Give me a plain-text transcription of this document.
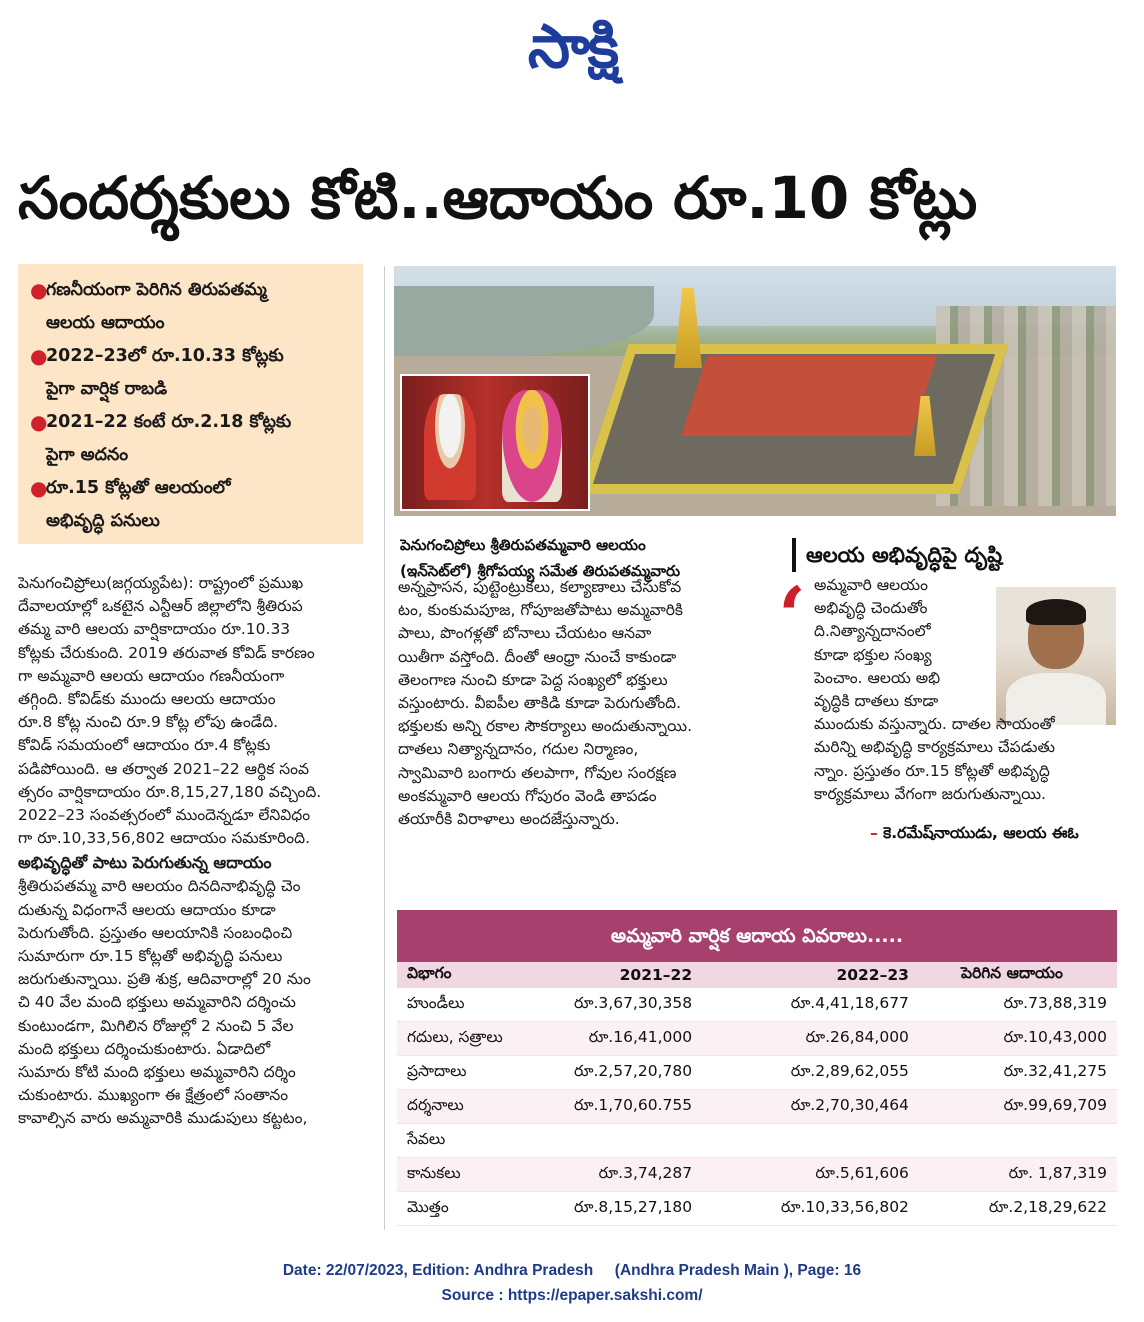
సాక్షి
సందర్శకులు కోటి..ఆదాయం రూ.10 కోట్లు
●
గణనీయంగా పెరిగిన తిరుపతమ్మ
ఆలయ ఆదాయం
●
2022–23లో రూ.10.33 కోట్లకు
పైగా వార్షిక రాబడి
●
2021–22 కంటే రూ.2.18 కోట్లకు
పైగా అదనం
●
రూ.15 కోట్లతో ఆలయంలో
అభివృద్ధి పనులు
పెనుగంచిప్రోలు శ్రీతిరుపతమ్మవారి ఆలయం
(ఇన్‌సెట్‌లో) శ్రీగోపయ్య సమేత తిరుపతమ్మవారు
పెనుగంచిప్రోలు(జగ్గయ్యపేట): రాష్ట్రంలో ప్రముఖ
దేవాలయాల్లో ఒకటైన ఎన్టీఆర్‌ జిల్లాలోని శ్రీతిరుప
తమ్మ వారి ఆలయ వార్షికాదాయం రూ.10.33
కోట్లకు చేరుకుంది. 2019 తరువాత కోవిడ్‌ కారణం
గా అమ్మవారి ఆలయ ఆదాయం గణనీయంగా
తగ్గింది. కోవిడ్‌కు ముందు ఆలయ ఆదాయం
రూ.8 కోట్ల నుంచి రూ.9 కోట్ల లోపు ఉండేది.
కోవిడ్‌ సమయంలో ఆదాయం రూ.4 కోట్లకు
పడిపోయింది. ఆ తర్వాత 2021–22 ఆర్థిక సంవ
త్సరం వార్షికాదాయం రూ.8,15,27,180 వచ్చింది.
2022–23 సంవత్సరంలో ముందెన్నడూ లేనివిధం
గా రూ.10,33,56,802 ఆదాయం సమకూరింది.
అభివృద్ధితో పాటు పెరుగుతున్న ఆదాయం
శ్రీతిరుపతమ్మ వారి ఆలయం దినదినాభివృద్ధి చెం
దుతున్న విధంగానే ఆలయ ఆదాయం కూడా
పెరుగుతోంది. ప్రస్తుతం ఆలయానికి సంబంధించి
సుమారుగా రూ.15 కోట్లతో అభివృద్ధి పనులు
జరుగుతున్నాయి. ప్రతి శుక్ర, ఆదివారాల్లో 20 నుం
చి 40 వేల మంది భక్తులు అమ్మవారిని దర్శించు
కుంటుండగా, మిగిలిన రోజుల్లో 2 నుంచి 5 వేల
మంది భక్తులు దర్శించుకుంటారు. ఏడాదిలో
సుమారు కోటి మంది భక్తులు అమ్మవారిని దర్శిం
చుకుంటారు. ముఖ్యంగా ఈ క్షేత్రంలో సంతానం
కావాల్సిన వారు అమ్మవారికి ముడుపులు కట్టటం,
అన్నప్రాసన, పుట్టెంట్రుకలు, కల్యాణాలు చేసుకోవ
టం, కుంకుమపూజ, గోపూజతోపాటు అమ్మవారికి
పాలు, పొంగళ్లతో బోనాలు చేయటం ఆనవా
యితీగా వస్తోంది. దీంతో ఆంధ్రా నుంచే కాకుండా
తెలంగాణ నుంచి కూడా పెద్ద సంఖ్యలో భక్తులు
వస్తుంటారు. వీఐపీల తాకిడి కూడా పెరుగుతోంది.
భక్తులకు అన్ని రకాల సౌకర్యాలు అందుతున్నాయి.
దాతలు నిత్యాన్నదానం, గదుల నిర్మాణం,
స్వామివారి బంగారు తలపాగా, గోవుల సంరక్షణ
అంకమ్మవారి ఆలయ గోపురం వెండి తాపడం
తయారీకి విరాళాలు అందజేస్తున్నారు.
ఆలయ అభివృద్ధిపై దృష్టి
‘ అమ్మవారి ఆలయం
అభివృద్ధి చెందుతోం
ది.నిత్యాన్నదానంలో
కూడా భక్తుల సంఖ్య
పెంచాం. ఆలయ అభి
వృద్ధికి దాతలు కూడా
ముందుకు వస్తున్నారు. దాతల సాయంతో
మరిన్ని అభివృద్ధి కార్యక్రమాలు చేపడుతు
న్నాం. ప్రస్తుతం రూ.15 కోట్లతో అభివృద్ధి
కార్యక్రమాలు వేగంగా జరుగుతున్నాయి.
– కె.రమేష్‌నాయుడు, ఆలయ ఈఓ
అమ్మవారి వార్షిక ఆదాయ వివరాలు.....
విభాగం	2021–22	2022–23	పెరిగిన ఆదాయం
హుండీలు	రూ.3,67,30,358	రూ.4,41,18,677	రూ.73,88,319
గదులు, సత్రాలు	రూ.16,41,000	రూ.26,84,000	రూ.10,43,000
ప్రసాదాలు	రూ.2,57,20,780	రూ.2,89,62,055	రూ.32,41,275
దర్శనాలు	రూ.1,70,60.755	రూ.2,70,30,464	రూ.99,69,709
సేవలు			
కానుకలు	రూ.3,74,287	రూ.5,61,606	రూ. 1,87,319
మొత్తం	రూ.8,15,27,180	రూ.10,33,56,802	రూ.2,18,29,622
Date: 22/07/2023, Edition: Andhra Pradesh     (Andhra Pradesh Main ), Page: 16
Source : https://epaper.sakshi.com/
